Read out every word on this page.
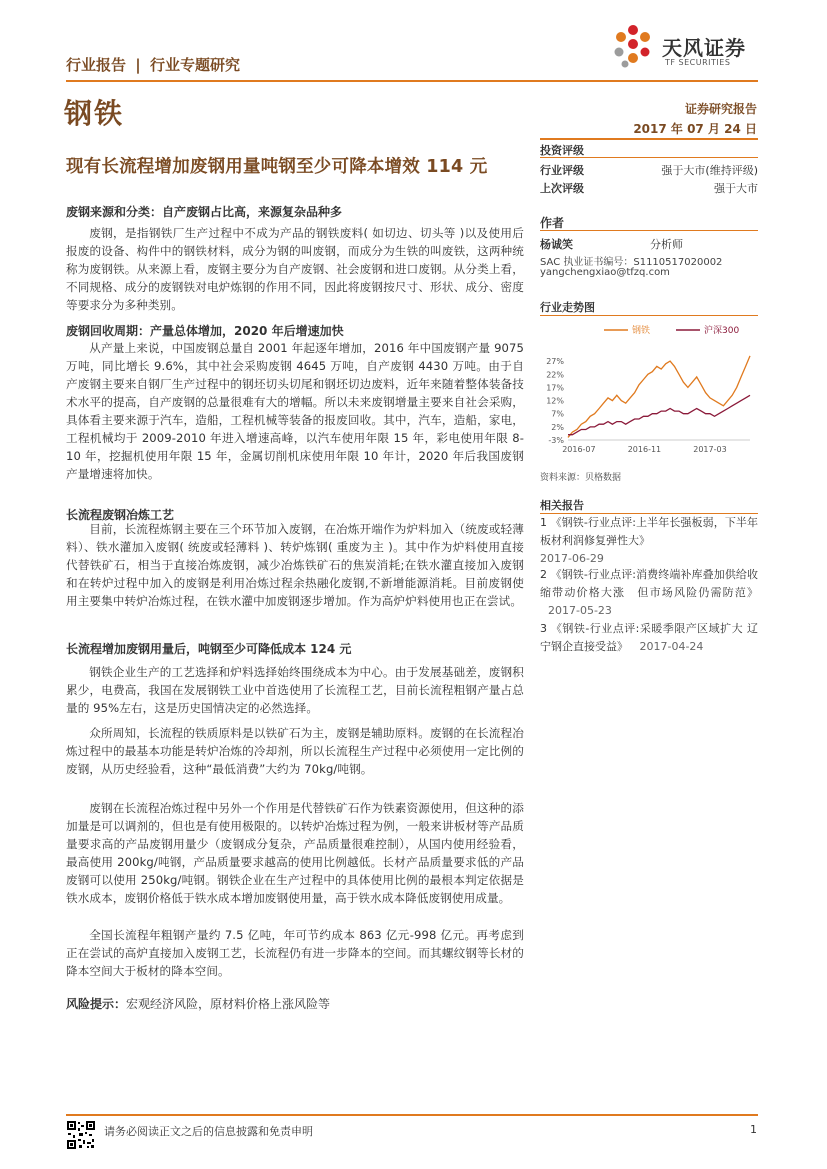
行业报告 | 行业专题研究
天风证券
TF SECURITIES
钢铁	证券研究报告
2017 年 07 月 24 日
现有长流程增加废钢用量吨钢至少可降本增效 114 元
投资评级
行业评级	强于大市(维持评级)
上次评级	强于大市
作者
杨诚笑	分析师
SAC 执业证书编号：S1110517020002
yangchengxiao@tfzq.com
行业走势图
钢铁	沪深300
-3%
2%
7%
12%
17%
22%
27%
2016-07	2016-11	2017-03
资料来源：贝格数据
相关报告
1 《钢铁-行业点评:上半年长强板弱，下半年板材利润修复弹性大》
2017-06-29
2 《钢铁-行业点评:消费终端补库叠加供给收缩带动价格大涨　但市场风险仍需防范》 2017-05-23
3 《钢铁-行业点评:采暖季限产区域扩大 辽宁钢企直接受益》 2017-04-24
废钢来源和分类：自产废钢占比高，来源复杂品种多
废钢，是指钢铁厂生产过程中不成为产品的钢铁废料( 如切边、切头等 )以及使用后报废的设备、构件中的钢铁材料，成分为钢的叫废钢，而成分为生铁的叫废铁，这两种统称为废钢铁。从来源上看，废钢主要分为自产废钢、社会废钢和进口废钢。从分类上看，不同规格、成分的废钢铁对电炉炼钢的作用不同，因此将废钢按尺寸、形状、成分、密度等要求分为多种类别。
废钢回收周期：产量总体增加，2020 年后增速加快
从产量上来说，中国废钢总量自 2001 年起逐年增加，2016 年中国废钢产量 9075 万吨，同比增长 9.6%，其中社会采购废钢 4645 万吨，自产废钢 4430 万吨。由于自产废钢主要来自钢厂生产过程中的钢坯切头切尾和钢坯切边废料，近年来随着整体装备技术水平的提高，自产废钢的总量很难有大的增幅。所以未来废钢增量主要来自社会采购，具体看主要来源于汽车，造船，工程机械等装备的报废回收。其中，汽车，造船，家电，工程机械均于 2009-2010 年进入增速高峰，以汽车使用年限 15 年，彩电使用年限 8-10 年，挖掘机使用年限 15 年，金属切削机床使用年限 10 年计，2020 年后我国废钢产量增速将加快。
长流程废钢冶炼工艺
目前，长流程炼钢主要在三个环节加入废钢，在冶炼开端作为炉料加入（统废或轻薄料）、铁水灌加入废钢( 统废或轻薄料 )、转炉炼钢( 重废为主 )。其中作为炉料使用直接代替铁矿石，相当于直接冶炼废钢，减少冶炼铁矿石的焦炭消耗;在铁水灌直接加入废钢和在转炉过程中加入的废钢是利用冶炼过程余热融化废钢,不新增能源消耗。目前废钢使用主要集中转炉冶炼过程，在铁水灌中加废钢逐步增加。作为高炉炉料使用也正在尝试。
长流程增加废钢用量后，吨钢至少可降低成本 124 元
钢铁企业生产的工艺选择和炉料选择始终围绕成本为中心。由于发展基础差，废钢积累少，电费高，我国在发展钢铁工业中首选使用了长流程工艺，目前长流程粗钢产量占总量的 95%左右，这是历史国情决定的必然选择。
众所周知，长流程的铁质原料是以铁矿石为主，废钢是辅助原料。废钢的在长流程冶炼过程中的最基本功能是转炉冶炼的冷却剂，所以长流程生产过程中必须使用一定比例的废钢，从历史经验看，这种“最低消费”大约为 70kg/吨钢。
废钢在长流程冶炼过程中另外一个作用是代替铁矿石作为铁素资源使用，但这种的添加量是可以调剂的，但也是有使用极限的。以转炉冶炼过程为例，一般来讲板材等产品质量要求高的产品废钢用量少（废钢成分复杂，产品质量很难控制），从国内使用经验看，最高使用 200kg/吨钢，产品质量要求越高的使用比例越低。长材产品质量要求低的产品废钢可以使用 250kg/吨钢。钢铁企业在生产过程中的具体使用比例的最根本判定依据是铁水成本，废钢价格低于铁水成本增加废钢使用量，高于铁水成本降低废钢使用成量。
全国长流程年粗钢产量约 7.5 亿吨，年可节约成本 863 亿元-998 亿元。再考虑到正在尝试的高炉直接加入废钢工艺，长流程仍有进一步降本的空间。而其螺纹钢等长材的降本空间大于板材的降本空间。
风险提示：宏观经济风险，原材料价格上涨风险等
请务必阅读正文之后的信息披露和免责申明	1
